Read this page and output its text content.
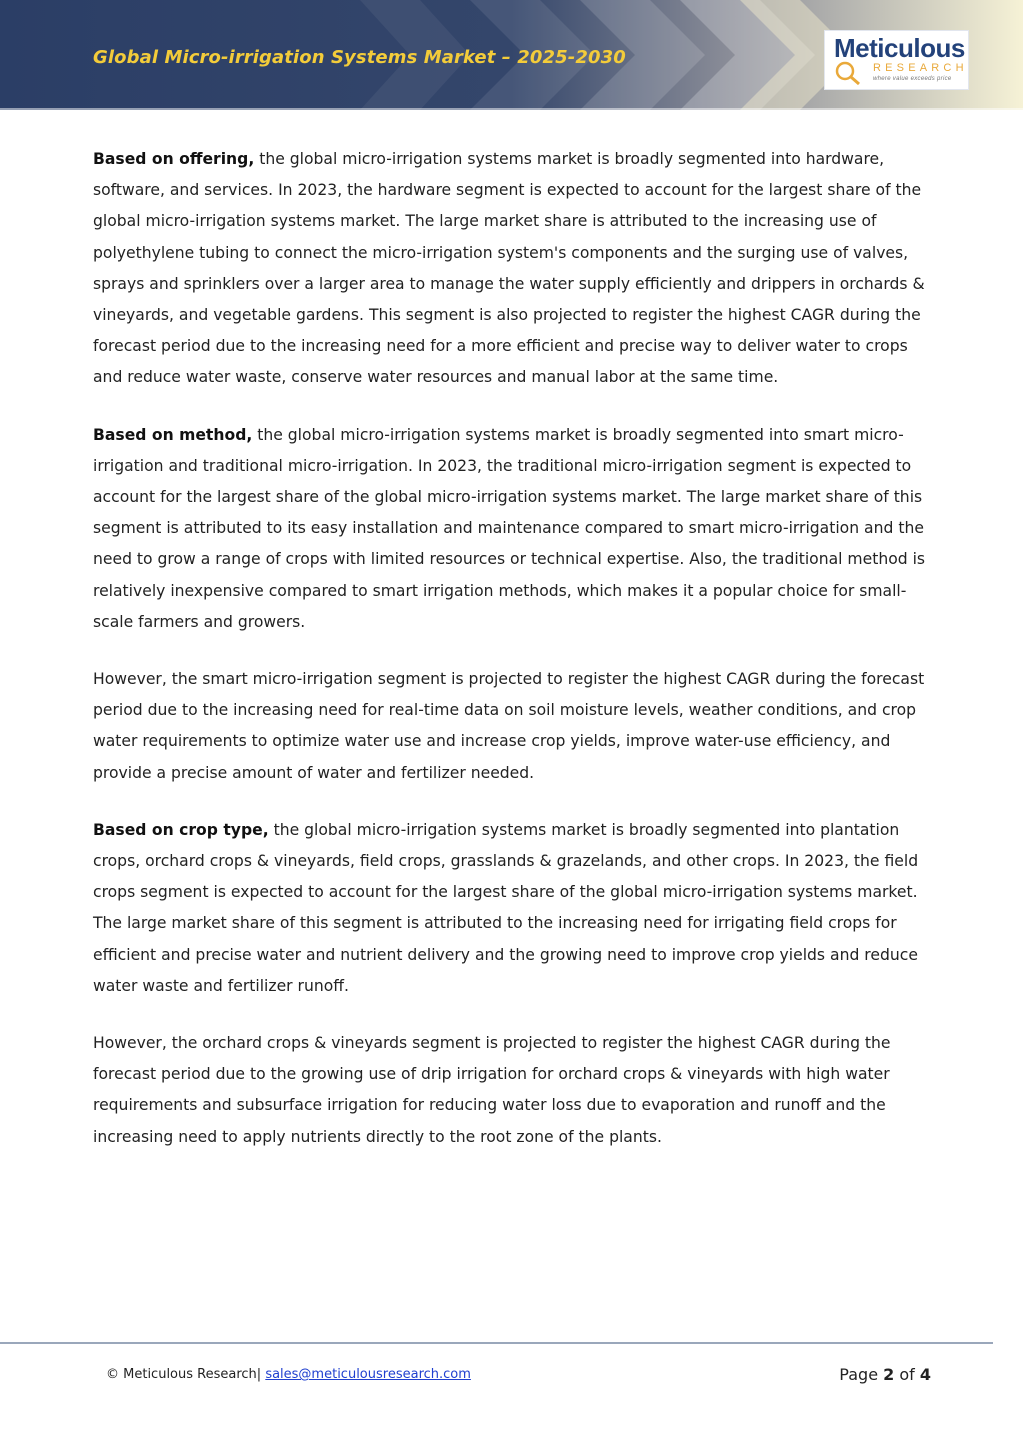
Global Micro-irrigation Systems Market – 2025-2030	Meticulous
RESEARCH
where value exceeds price

Based on offering, the global micro-irrigation systems market is broadly segmented into hardware, software, and services. In 2023, the hardware segment is expected to account for the largest share of the global micro-irrigation systems market. The large market share is attributed to the increasing use of polyethylene tubing to connect the micro-irrigation system's components and the surging use of valves, sprays and sprinklers over a larger area to manage the water supply efficiently and drippers in orchards & vineyards, and vegetable gardens. This segment is also projected to register the highest CAGR during the forecast period due to the increasing need for a more efficient and precise way to deliver water to crops and reduce water waste, conserve water resources and manual labor at the same time.

Based on method, the global micro-irrigation systems market is broadly segmented into smart micro-irrigation and traditional micro-irrigation. In 2023, the traditional micro-irrigation segment is expected to account for the largest share of the global micro-irrigation systems market. The large market share of this segment is attributed to its easy installation and maintenance compared to smart micro-irrigation and the need to grow a range of crops with limited resources or technical expertise. Also, the traditional method is relatively inexpensive compared to smart irrigation methods, which makes it a popular choice for small-scale farmers and growers.

However, the smart micro-irrigation segment is projected to register the highest CAGR during the forecast period due to the increasing need for real-time data on soil moisture levels, weather conditions, and crop water requirements to optimize water use and increase crop yields, improve water-use efficiency, and provide a precise amount of water and fertilizer needed.

Based on crop type, the global micro-irrigation systems market is broadly segmented into plantation crops, orchard crops & vineyards, field crops, grasslands & grazelands, and other crops. In 2023, the field crops segment is expected to account for the largest share of the global micro-irrigation systems market. The large market share of this segment is attributed to the increasing need for irrigating field crops for efficient and precise water and nutrient delivery and the growing need to improve crop yields and reduce water waste and fertilizer runoff.

However, the orchard crops & vineyards segment is projected to register the highest CAGR during the forecast period due to the growing use of drip irrigation for orchard crops & vineyards with high water requirements and subsurface irrigation for reducing water loss due to evaporation and runoff and the increasing need to apply nutrients directly to the root zone of the plants.

© Meticulous Research| sales@meticulousresearch.com	Page 2 of 4
